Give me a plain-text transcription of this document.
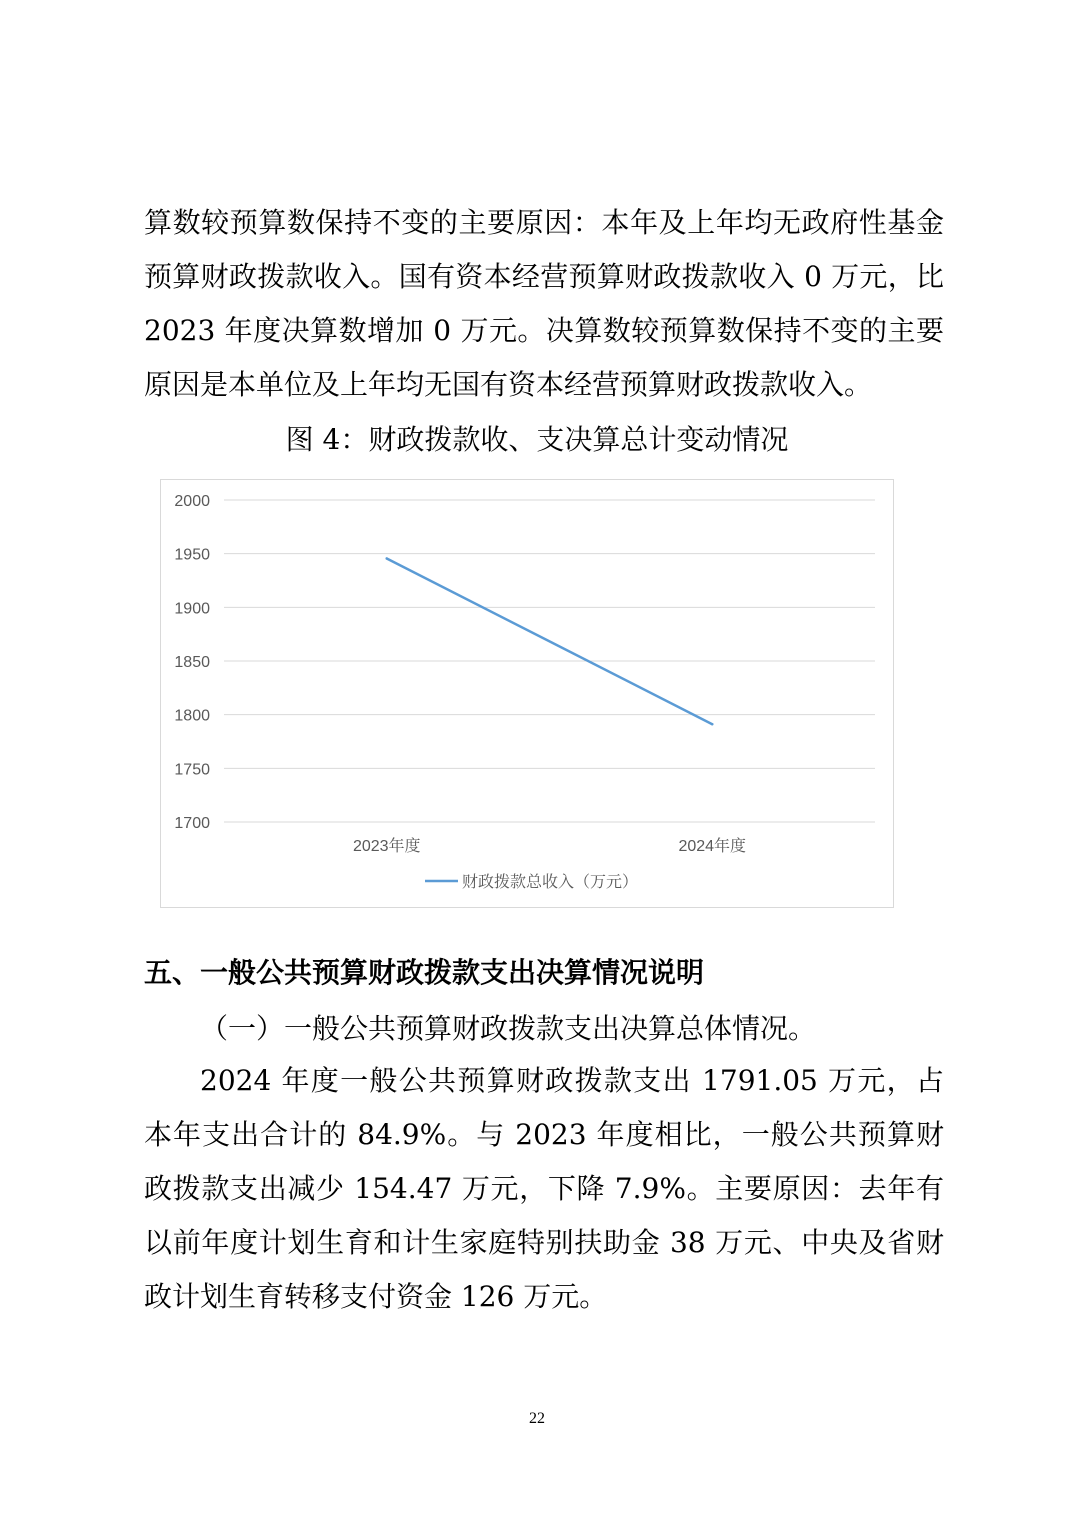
算数较预算数保持不变的主要原因：本年及上年均无政府性基金预算财政拨款收入。国有资本经营预算财政拨款收入 0 万元，比 2023 年度决算数增加 0 万元。决算数较预算数保持不变的主要原因是本单位及上年均无国有资本经营预算财政拨款收入。

图 4：财政拨款收、支决算总计变动情况
1700
1750
1800
1850
1900
1950
2000
2023年度	2024年度
财政拨款总收入（万元）
五、一般公共预算财政拨款支出决算情况说明

（一）一般公共预算财政拨款支出决算总体情况。

2024 年度一般公共预算财政拨款支出 1791.05 万元，占本年支出合计的 84.9%。与 2023 年度相比，一般公共预算财政拨款支出减少 154.47 万元，下降 7.9%。主要原因：去年有以前年度计划生育和计生家庭特别扶助金 38 万元、中央及省财政计划生育转移支付资金 126 万元。

22
